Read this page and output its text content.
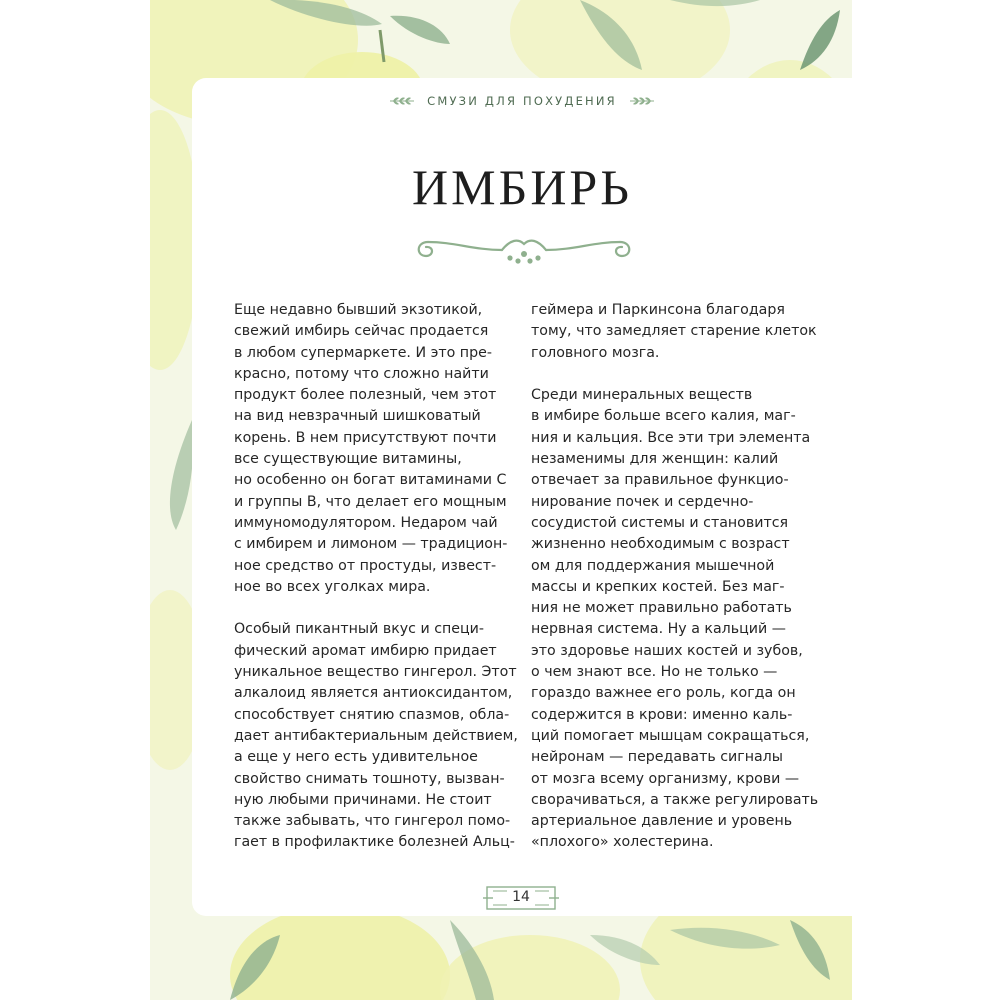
СМУЗИ ДЛЯ ПОХУДЕНИЯ
ИМБИРЬ
Еще недавно бывший экзотикой,
свежий имбирь сейчас продается
в любом супермаркете. И это пре-
красно, потому что сложно найти
продукт более полезный, чем этот
на вид невзрачный шишковатый
корень. В нем присутствуют почти
все существующие витамины,
но особенно он богат витаминами С
и группы В, что делает его мощным
иммуномодулятором. Недаром чай
с имбирем и лимоном — традицион-
ное средство от простуды, извест-
ное во всех уголках мира.
Особый пикантный вкус и специ-
фический аромат имбирю придает
уникальное вещество гингерол. Этот
алкалоид является антиоксидантом,
способствует снятию спазмов, обла-
дает антибактериальным действием,
а еще у него есть удивительное
свойство снимать тошноту, вызван-
ную любыми причинами. Не стоит
также забывать, что гингерол помо-
гает в профилактике болезней Альц-
геймера и Паркинсона благодаря
тому, что замедляет старение клеток
головного мозга.
Среди минеральных веществ
в имбире больше всего калия, маг-
ния и кальция. Все эти три элемента
незаменимы для женщин: калий
отвечает за правильное функцио-
нирование почек и сердечно-
сосудистой системы и становится
жизненно необходимым с возраст
ом для поддержания мышечной
массы и крепких костей. Без маг-
ния не может правильно работать
нервная система. Ну а кальций —
это здоровье наших костей и зубов,
о чем знают все. Но не только —
гораздо важнее его роль, когда он
содержится в крови: именно каль-
ций помогает мышцам сокращаться,
нейронам — передавать сигналы
от мозга всему организму, крови —
сворачиваться, а также регулировать
артериальное давление и уровень
«плохого» холестерина.
14
